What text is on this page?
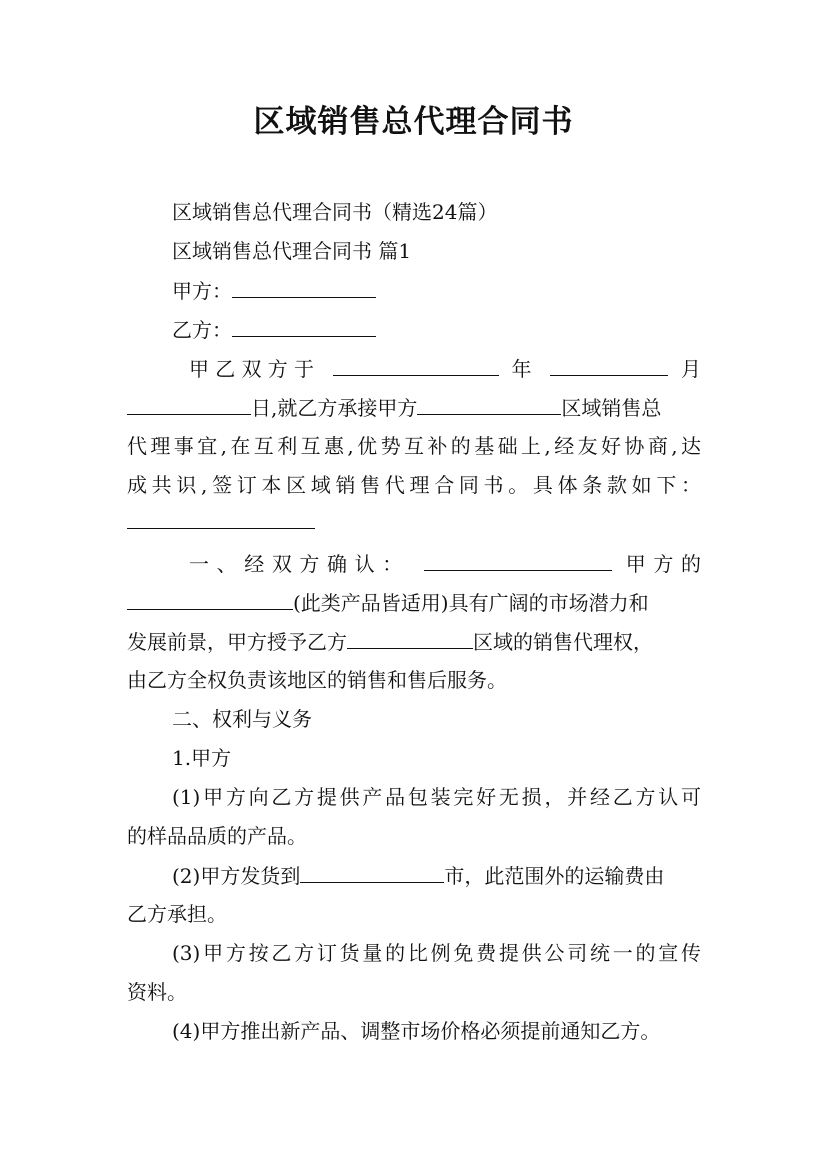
区域销售总代理合同书
区域销售总代理合同书（精选24篇）
区域销售总代理合同书 篇1
甲方：
乙方：
甲乙双方于	年	月
日,就乙方承接甲方	区域销售总
代理事宜,在互利互惠,优势互补的基础上,经友好协商,达
成共识,签订本区域销售代理合同书。具体条款如下：
一、经双方确认：	甲方的
(此类产品皆适用)具有广阔的市场潜力和
发展前景，甲方授予乙方	区域的销售代理权，
由乙方全权负责该地区的销售和售后服务。
二、权利与义务
1.甲方
(1)甲方向乙方提供产品包装完好无损，并经乙方认可
的样品品质的产品。
(2)甲方发货到	市，此范围外的运输费由
乙方承担。
(3)甲方按乙方订货量的比例免费提供公司统一的宣传
资料。
(4)甲方推出新产品、调整市场价格必须提前通知乙方。
